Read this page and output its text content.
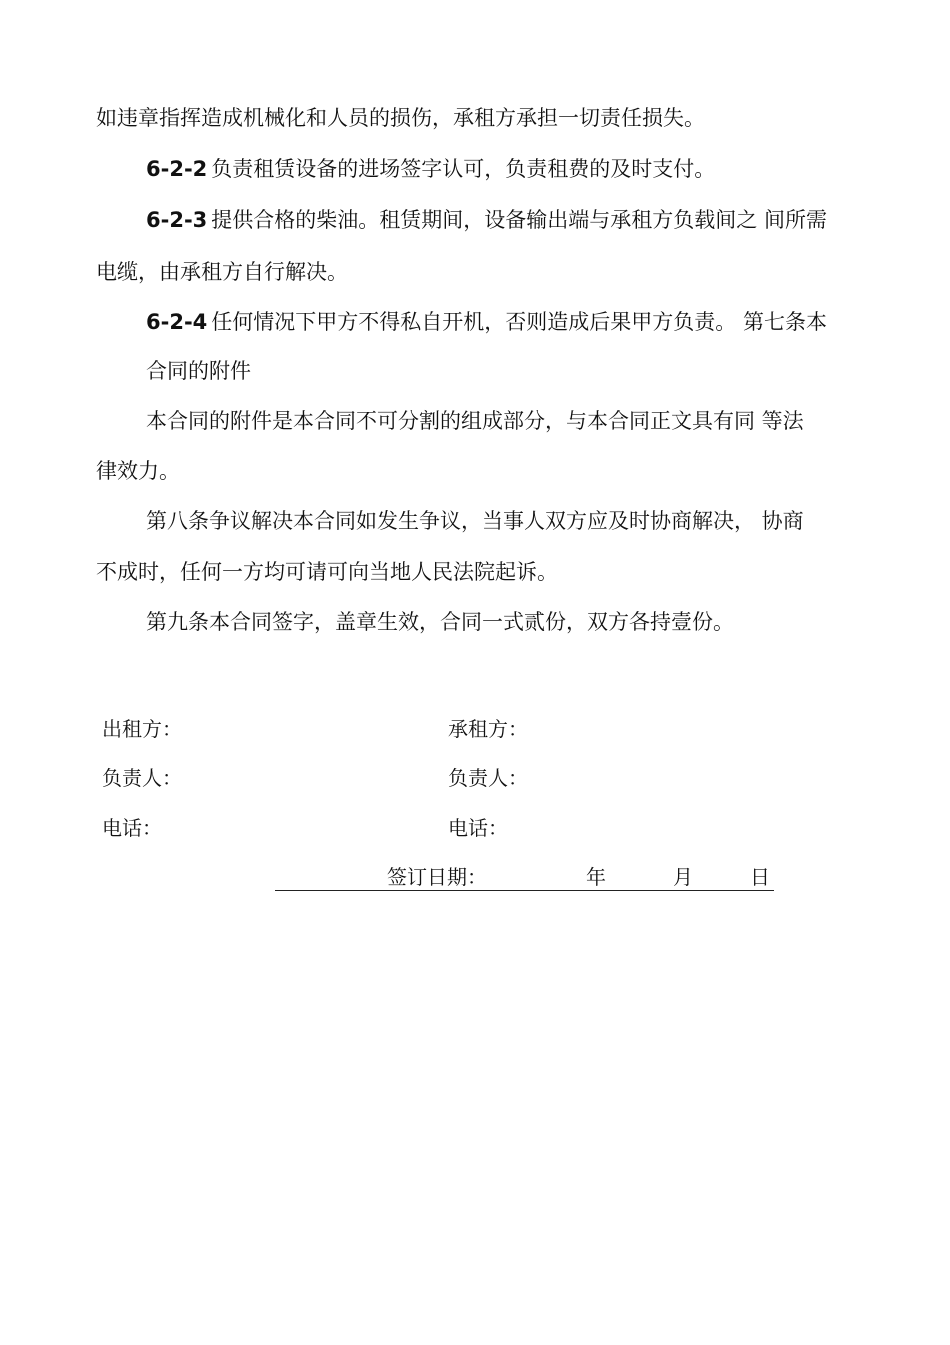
如违章指挥造成机械化和人员的损伤，承租方承担一切责任损失。
6-2-2 负责租赁设备的进场签字认可，负责租费的及时支付。
6-2-3 提供合格的柴油。租赁期间，设备输出端与承租方负载间之 间所需
电缆，由承租方自行解决。
6-2-4 任何情况下甲方不得私自开机，否则造成后果甲方负责。 第七条本
合同的附件
本合同的附件是本合同不可分割的组成部分，与本合同正文具有同 等法
律效力。
第八条争议解决本合同如发生争议，当事人双方应及时协商解决， 协商
不成时，任何一方均可请可向当地人民法院起诉。
第九条本合同签字，盖章生效，合同一式贰份，双方各持壹份。
出租方：	承租方：
负责人：	负责人：
电话：	电话：
签订日期：	年	月	日
